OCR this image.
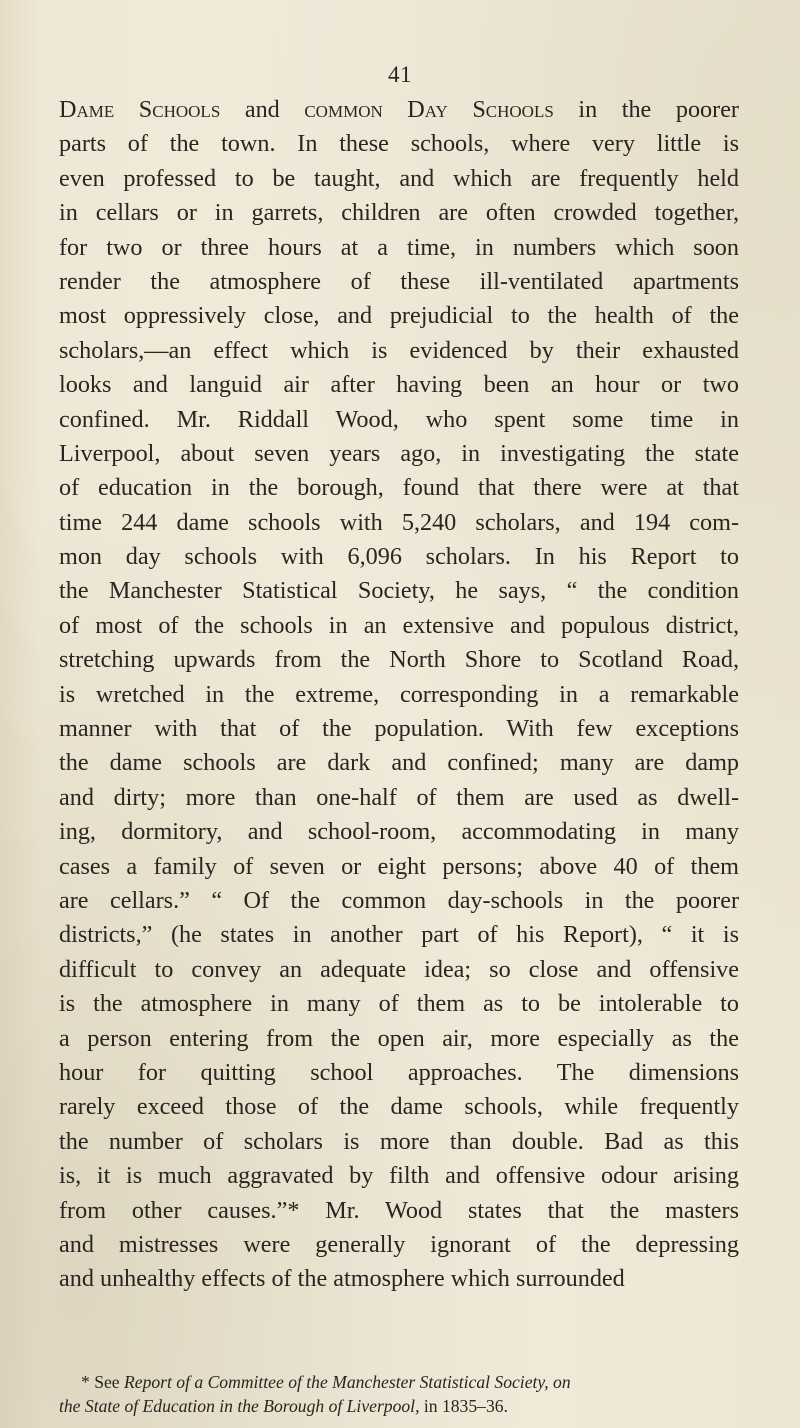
41
Dame Schools and common Day Schools in the poorer
parts of the town. In these schools, where very little is
even professed to be taught, and which are frequently held
in cellars or in garrets, children are often crowded together,
for two or three hours at a time, in numbers which soon
render the atmosphere of these ill-ventilated apartments
most oppressively close, and prejudicial to the health of the
scholars,—an effect which is evidenced by their exhausted
looks and languid air after having been an hour or two
confined. Mr. Riddall Wood, who spent some time in
Liverpool, about seven years ago, in investigating the state
of education in the borough, found that there were at that
time 244 dame schools with 5,240 scholars, and 194 com-
mon day schools with 6,096 scholars. In his Report to
the Manchester Statistical Society, he says, “ the condition
of most of the schools in an extensive and populous district,
stretching upwards from the North Shore to Scotland Road,
is wretched in the extreme, corresponding in a remarkable
manner with that of the population. With few exceptions
the dame schools are dark and confined; many are damp
and dirty; more than one-half of them are used as dwell-
ing, dormitory, and school-room, accommodating in many
cases a family of seven or eight persons; above 40 of them
are cellars.” “ Of the common day-schools in the poorer
districts,” (he states in another part of his Report), “ it is
difficult to convey an adequate idea; so close and offensive
is the atmosphere in many of them as to be intolerable to
a person entering from the open air, more especially as the
hour for quitting school approaches. The dimensions
rarely exceed those of the dame schools, while frequently
the number of scholars is more than double. Bad as this
is, it is much aggravated by filth and offensive odour arising
from other causes.”* Mr. Wood states that the masters
and mistresses were generally ignorant of the depressing
and unhealthy effects of the atmosphere which surrounded
* See Report of a Committee of the Manchester Statistical Society, on
the State of Education in the Borough of Liverpool, in 1835–36.
